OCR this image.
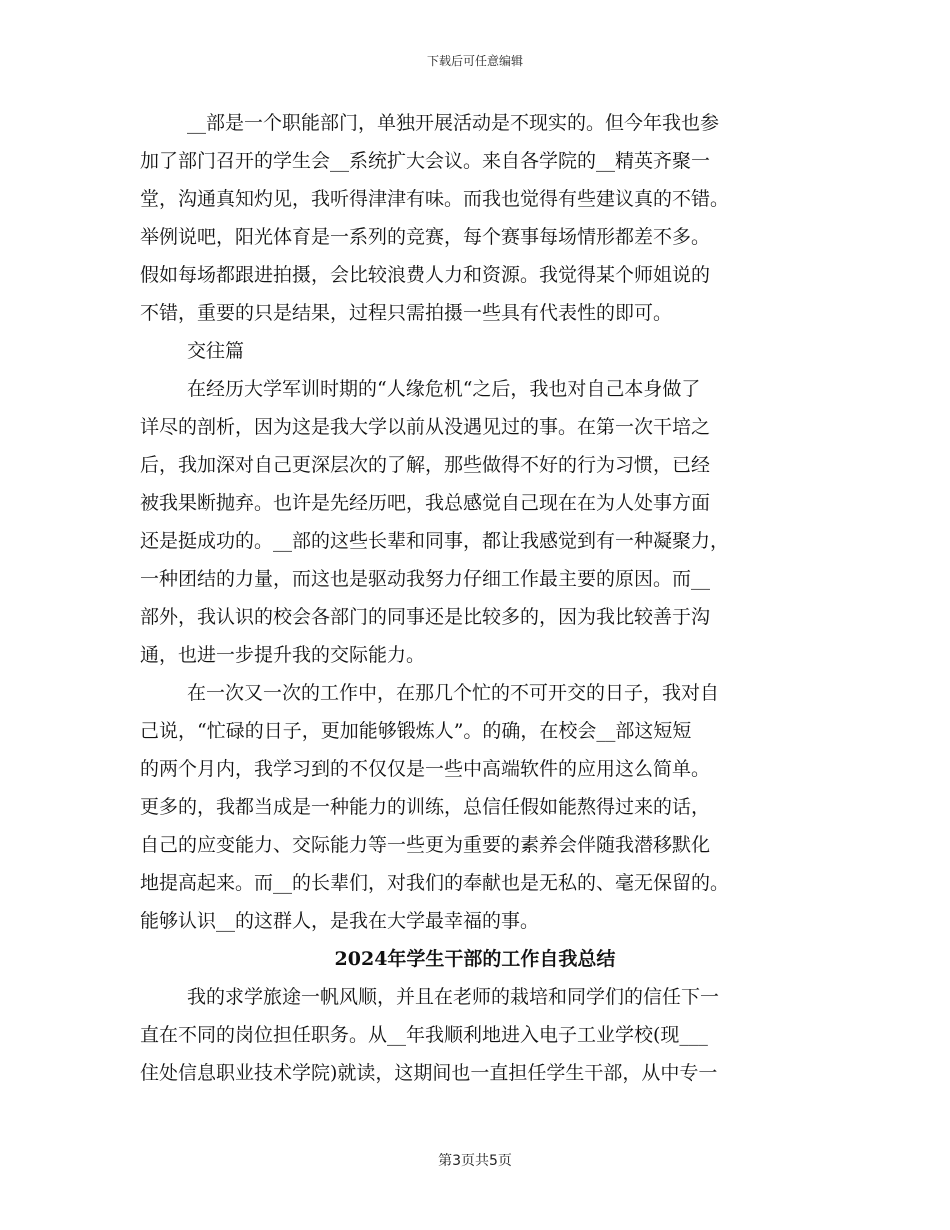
下载后可任意编辑
__部是一个职能部门，单独开展活动是不现实的。但今年我也参
加了部门召开的学生会__系统扩大会议。来自各学院的__精英齐聚一
堂，沟通真知灼见，我听得津津有味。而我也觉得有些建议真的不错。
举例说吧，阳光体育是一系列的竞赛，每个赛事每场情形都差不多。
假如每场都跟进拍摄，会比较浪费人力和资源。我觉得某个师姐说的
不错，重要的只是结果，过程只需拍摄一些具有代表性的即可。
交往篇
在经历大学军训时期的“人缘危机“之后，我也对自己本身做了
详尽的剖析，因为这是我大学以前从没遇见过的事。在第一次干培之
后，我加深对自己更深层次的了解，那些做得不好的行为习惯，已经
被我果断抛弃。也许是先经历吧，我总感觉自己现在在为人处事方面
还是挺成功的。__部的这些长辈和同事，都让我感觉到有一种凝聚力，
一种团结的力量，而这也是驱动我努力仔细工作最主要的原因。而__
部外，我认识的校会各部门的同事还是比较多的，因为我比较善于沟
通，也进一步提升我的交际能力。
在一次又一次的工作中，在那几个忙的不可开交的日子，我对自
己说，“忙碌的日子，更加能够锻炼人”。的确，在校会__部这短短
的两个月内，我学习到的不仅仅是一些中高端软件的应用这么简单。
更多的，我都当成是一种能力的训练，总信任假如能熬得过来的话，
自己的应变能力、交际能力等一些更为重要的素养会伴随我潜移默化
地提高起来。而__的长辈们，对我们的奉献也是无私的、毫无保留的。
能够认识__的这群人，是我在大学最幸福的事。
2024年学生干部的工作自我总结
我的求学旅途一帆风顺，并且在老师的栽培和同学们的信任下一
直在不同的岗位担任职务。从__年我顺利地进入电子工业学校(现___
住处信息职业技术学院)就读，这期间也一直担任学生干部，从中专一
第3页共5页
